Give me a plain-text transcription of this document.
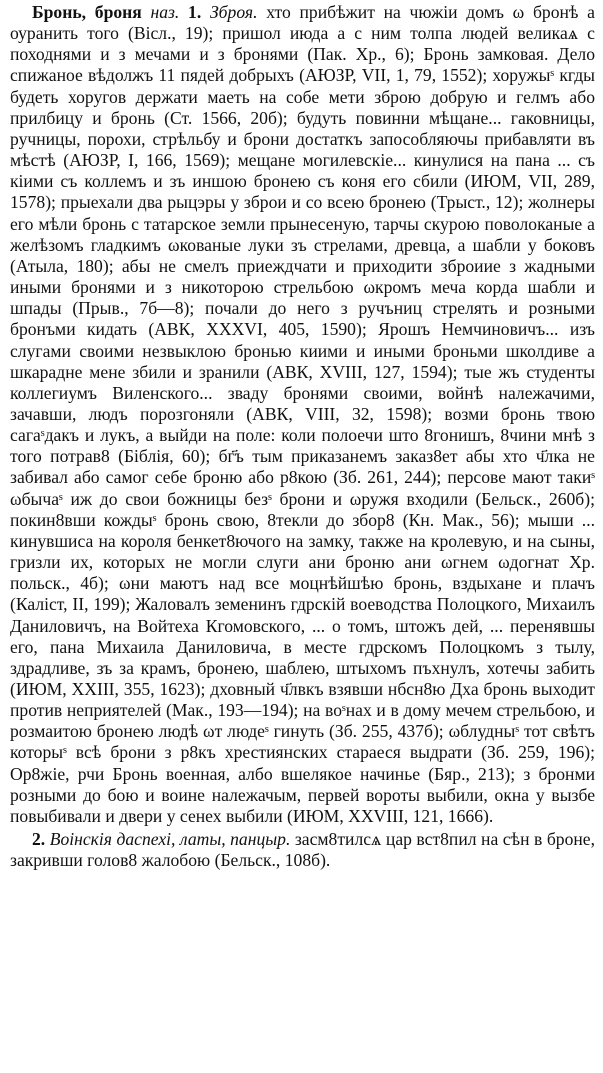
Бронь, броня наз. 1. Зброя. хто прибѣжит на чюжiи домъ ω бронѣ а оуранить того (Вiсл., 19); пришол июда а с ним толпа людей великаѧ с походнями и з мечами и з бронями (Пак. Хр., 6); Бронь замковая. Дело спижаное вѣдолжъ 11 пядей добрыхъ (АЮЗР, VII, 1, 79, 1552); хоружыˢ кгды будеть хоругов держати маеть на собе мети зброю добрую и гелмъ або прилбицу и бронь (Ст. 1566, 20б); будуть повинни мѣщане... гаковницы, ручницы, порохи, стрѣльбу и брони достаткъ запособляючы прибавляти въ мѣстѣ (АЮЗР, I, 166, 1569); мещане могилевскiе... кинулися на пана ... съ кiими съ коллемъ и зъ иншою бронею съ коня его сбили (ИЮМ, VII, 289, 1578); прыехали два рыцэры у зброи и со всею бронею (Трыст., 12); жолнеры его мѣли бронь с татарское земли прынесеную, тарчы скурою поволоканые а желѣзомъ гладкимъ ωкованые луки зъ стрелами, древца, а шабли у боковъ (Атыла, 180); абы не смелъ приеждчати и приходити зброиие з жадными иными бронями и з никоторою стрельбою ωкромъ меча корда шабли и шпады (Прыв., 7б—8); почали до него з ручъниц стрелять и розными бронъми кидать (АВК, XXXVI, 405, 1590); Ярошъ Немчиновичъ... изъ слугами своими незвыклою бронью киими и иными броньми школдиве а шкарадне мене збили и зранили (АВК, XVIII, 127, 1594); тые жъ студенты коллегиумъ Виленского... зваду бронями своими, войнѣ належачими, зачавши, людъ порозгоняли (АВК, VIII, 32, 1598); возми бронь твою сагаˢдакъ и лукъ, а выйди на поле: коли полоечи што 8гонишъ, 8чини мнѣ з того потрав8 (Біблія, 60); бг҃ъ тым приказанемъ заказ8ет абы хто ч҃лка не забивал або самог себе броню або р8кою (Зб. 261, 244); персове мают такиˢ ωбычаˢ иж до свои божницы безˢ брони и ωружя входили (Бельск., 260б); покин8вши кождыˢ бронь свою, 8текли до збор8 (Кн. Мак., 56); мыши ... кинувшиса на короля бенкет8ючого на замку, также на кролевую, и на сыны, гризли их, которых не могли слуги ани броню ани ωгнем ωдогнат Хр. польск., 4б); ωни маютъ над все моцнѣйшѣю бронь, вздыхане и плачъ (Калiст, II, 199); Жаловалъ земенинъ гдрскiй воеводства Полоцкого, Михаилъ Даниловичъ, на Войтеха Кгомовского, ... о томъ, штожъ дей, ... перенявшы его, пана Михаила Даниловича, в месте гдрскомъ Полоцкомъ з тылу, здрадливе, зъ за крамъ, бронею, шаблею, штыхомъ пъхнулъ, хотечы забить (ИЮМ, XXIII, 355, 1623); дховный ч҃лвкъ взявши нбсн8ю Дха бронь выходит против неприятелей (Мак., 193—194); на воˢнах и в дому мечем стрельбою, и розмаитою бронею людѣ ωт людеˢ гинуть (Зб. 255, 437б); ωблудныˢ тот свѣтъ которыˢ всѣ брони з р8къ хрестиянских стараеся выдрати (Зб. 259, 196); Ор8жie, рчи Бронь военная, албо вшелякое начинье (Бяр., 213); з бронми розными до бою и воине належачым, первей вороты выбили, окна у вызбе повыбивали и двери у сенех выбили (ИЮМ, XXVIII, 121, 1666).

2. Воінскія даспехі, латы, панцыр. засм8тилсѧ цар вст8пил на сѣн в броне, закривши голов8 жалобою (Бельск., 108б).
